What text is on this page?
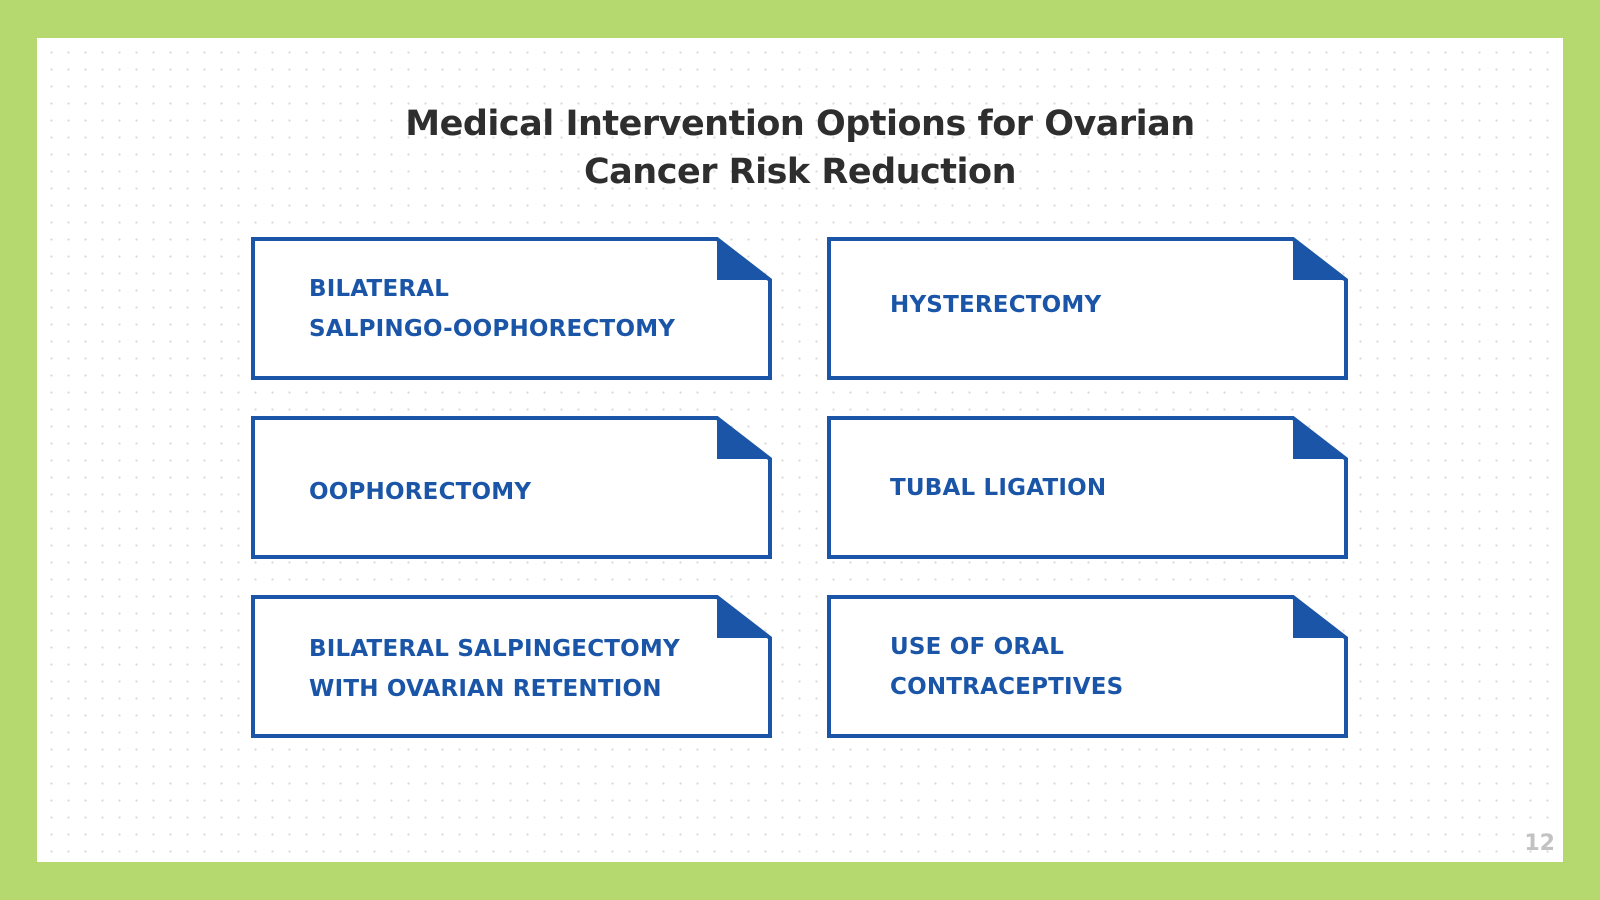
Medical Intervention Options for Ovarian
Cancer Risk Reduction
BILATERAL
SALPINGO-OOPHORECTOMY
HYSTERECTOMY
OOPHORECTOMY	TUBAL LIGATION
BILATERAL SALPINGECTOMY
WITH OVARIAN RETENTION
USE OF ORAL
CONTRACEPTIVES
12
